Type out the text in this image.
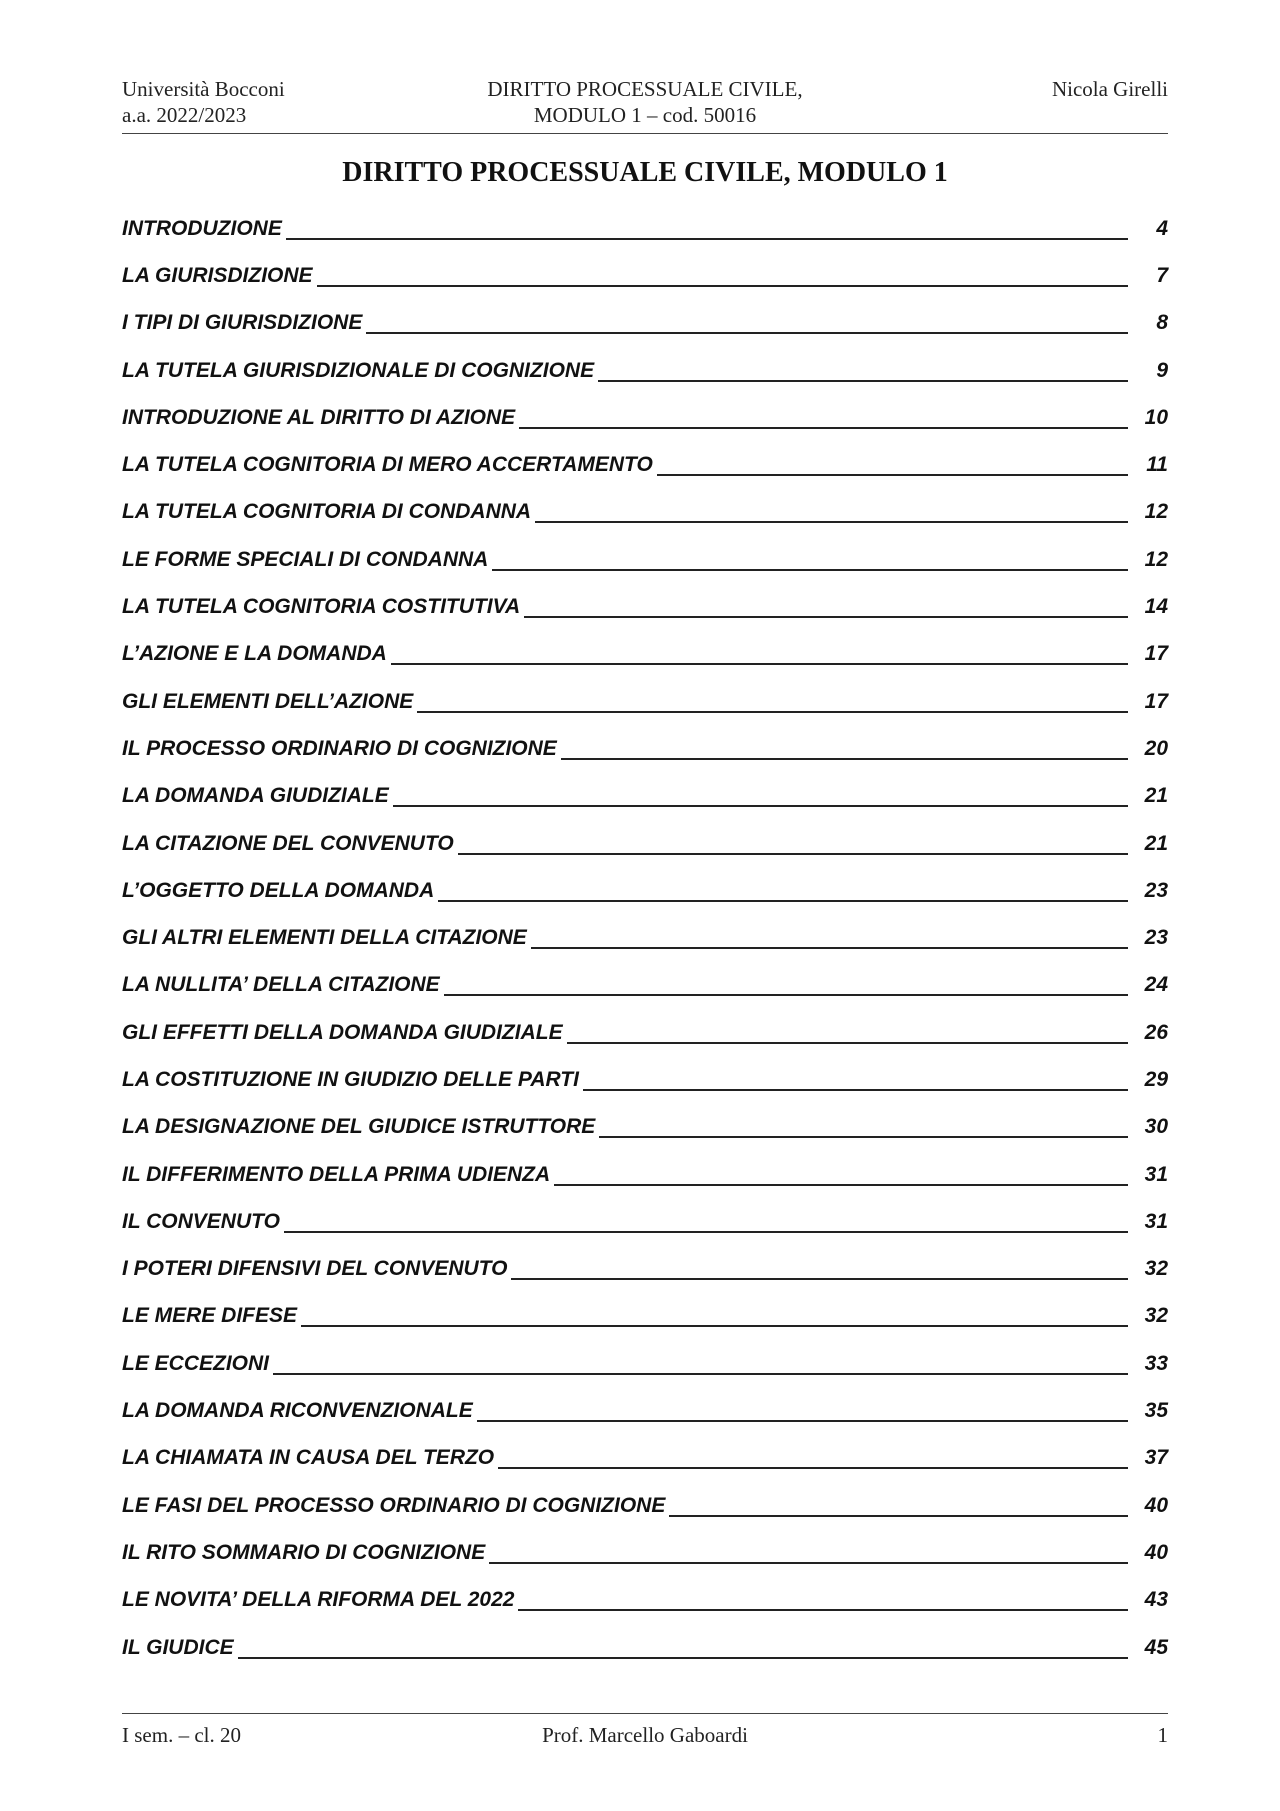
Università Bocconi
a.a. 2022/2023
DIRITTO PROCESSUALE CIVILE,
MODULO 1 – cod. 50016
Nicola Girelli
DIRITTO PROCESSUALE CIVILE, MODULO 1
INTRODUZIONE	4
LA GIURISDIZIONE	7
I TIPI DI GIURISDIZIONE	8
LA TUTELA GIURISDIZIONALE DI COGNIZIONE	9
INTRODUZIONE AL DIRITTO DI AZIONE	10
LA TUTELA COGNITORIA DI MERO ACCERTAMENTO	11
LA TUTELA COGNITORIA DI CONDANNA	12
LE FORME SPECIALI DI CONDANNA	12
LA TUTELA COGNITORIA COSTITUTIVA	14
L’AZIONE E LA DOMANDA	17
GLI ELEMENTI DELL’AZIONE	17
IL PROCESSO ORDINARIO DI COGNIZIONE	20
LA DOMANDA GIUDIZIALE	21
LA CITAZIONE DEL CONVENUTO	21
L’OGGETTO DELLA DOMANDA	23
GLI ALTRI ELEMENTI DELLA CITAZIONE	23
LA NULLITA’ DELLA CITAZIONE	24
GLI EFFETTI DELLA DOMANDA GIUDIZIALE	26
LA COSTITUZIONE IN GIUDIZIO DELLE PARTI	29
LA DESIGNAZIONE DEL GIUDICE ISTRUTTORE	30
IL DIFFERIMENTO DELLA PRIMA UDIENZA	31
IL CONVENUTO	31
I POTERI DIFENSIVI DEL CONVENUTO	32
LE MERE DIFESE	32
LE ECCEZIONI	33
LA DOMANDA RICONVENZIONALE	35
LA CHIAMATA IN CAUSA DEL TERZO	37
LE FASI DEL PROCESSO ORDINARIO DI COGNIZIONE	40
IL RITO SOMMARIO DI COGNIZIONE	40
LE NOVITA’ DELLA RIFORMA DEL 2022	43
IL GIUDICE	45
I sem. – cl. 20	Prof. Marcello Gaboardi	1
